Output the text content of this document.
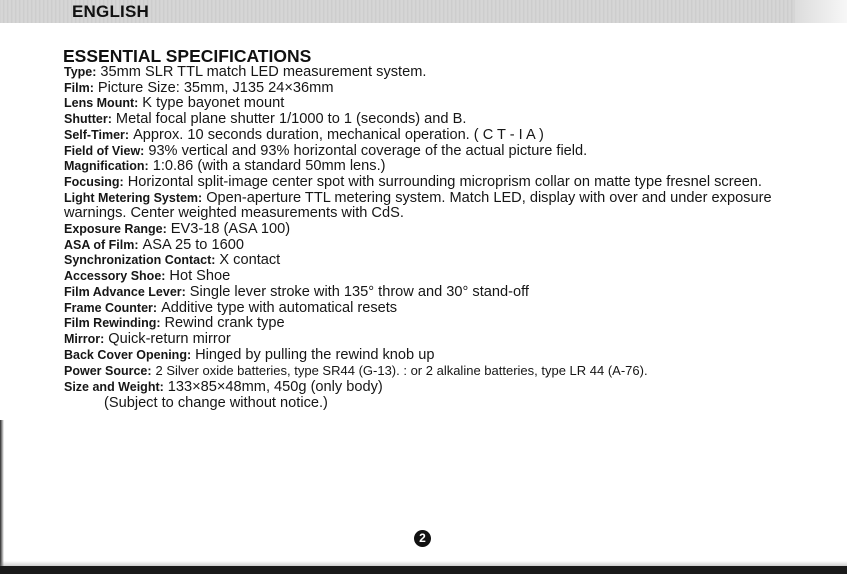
ENGLISH
ESSENTIAL SPECIFICATIONS

Type: 35mm SLR TTL match LED measurement system.

Film: Picture Size: 35mm, J135 24×36mm

Lens Mount: K type bayonet mount

Shutter: Metal focal plane shutter 1/1000 to 1 (seconds) and B.

Self-Timer: Approx. 10 seconds duration, mechanical operation. ( C T - I A )

Field of View: 93% vertical and 93% horizontal coverage of the actual picture field.

Magnification: 1:0.86 (with a standard 50mm lens.)

Focusing: Horizontal split-image center spot with surrounding microprism collar on matte type fresnel screen.

Light Metering System: Open-aperture TTL metering system. Match LED, display with over and under exposure warnings. Center weighted measurements with CdS.

Exposure Range: EV3-18 (ASA 100)

ASA of Film: ASA 25 to 1600

Synchronization Contact: X contact

Accessory Shoe: Hot Shoe

Film Advance Lever: Single lever stroke with 135° throw and 30° stand-off

Frame Counter: Additive type with automatical resets

Film Rewinding: Rewind crank type

Mirror: Quick-return mirror

Back Cover Opening: Hinged by pulling the rewind knob up

Power Source: 2 Silver oxide batteries, type SR44 (G-13). : or 2 alkaline batteries, type LR 44 (A-76).

Size and Weight: 133×85×48mm, 450g (only body)

(Subject to change without notice.)

2
